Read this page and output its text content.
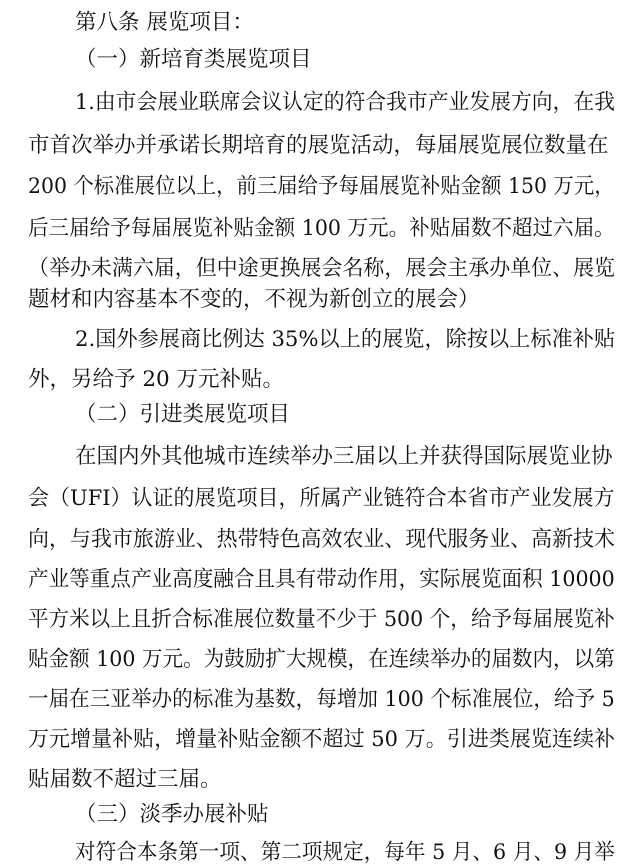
第八条 展览项目：
（一）新培育类展览项目
1.由市会展业联席会议认定的符合我市产业发展方向，在我
市首次举办并承诺长期培育的展览活动，每届展览展位数量在
200 个标准展位以上，前三届给予每届展览补贴金额 150 万元，
后三届给予每届展览补贴金额 100 万元。补贴届数不超过六届。
（举办未满六届，但中途更换展会名称，展会主承办单位、展览
题材和内容基本不变的，不视为新创立的展会）
2.国外参展商比例达 35%以上的展览，除按以上标准补贴
外，另给予 20 万元补贴。
（二）引进类展览项目
在国内外其他城市连续举办三届以上并获得国际展览业协
会（UFI）认证的展览项目，所属产业链符合本省市产业发展方
向，与我市旅游业、热带特色高效农业、现代服务业、高新技术
产业等重点产业高度融合且具有带动作用，实际展览面积 10000
平方米以上且折合标准展位数量不少于 500 个，给予每届展览补
贴金额 100 万元。为鼓励扩大规模，在连续举办的届数内，以第
一届在三亚举办的标准为基数，每增加 100 个标准展位，给予 5
万元增量补贴，增量补贴金额不超过 50 万。引进类展览连续补
贴届数不超过三届。
（三）淡季办展补贴
对符合本条第一项、第二项规定，每年 5 月、6 月、9 月举
